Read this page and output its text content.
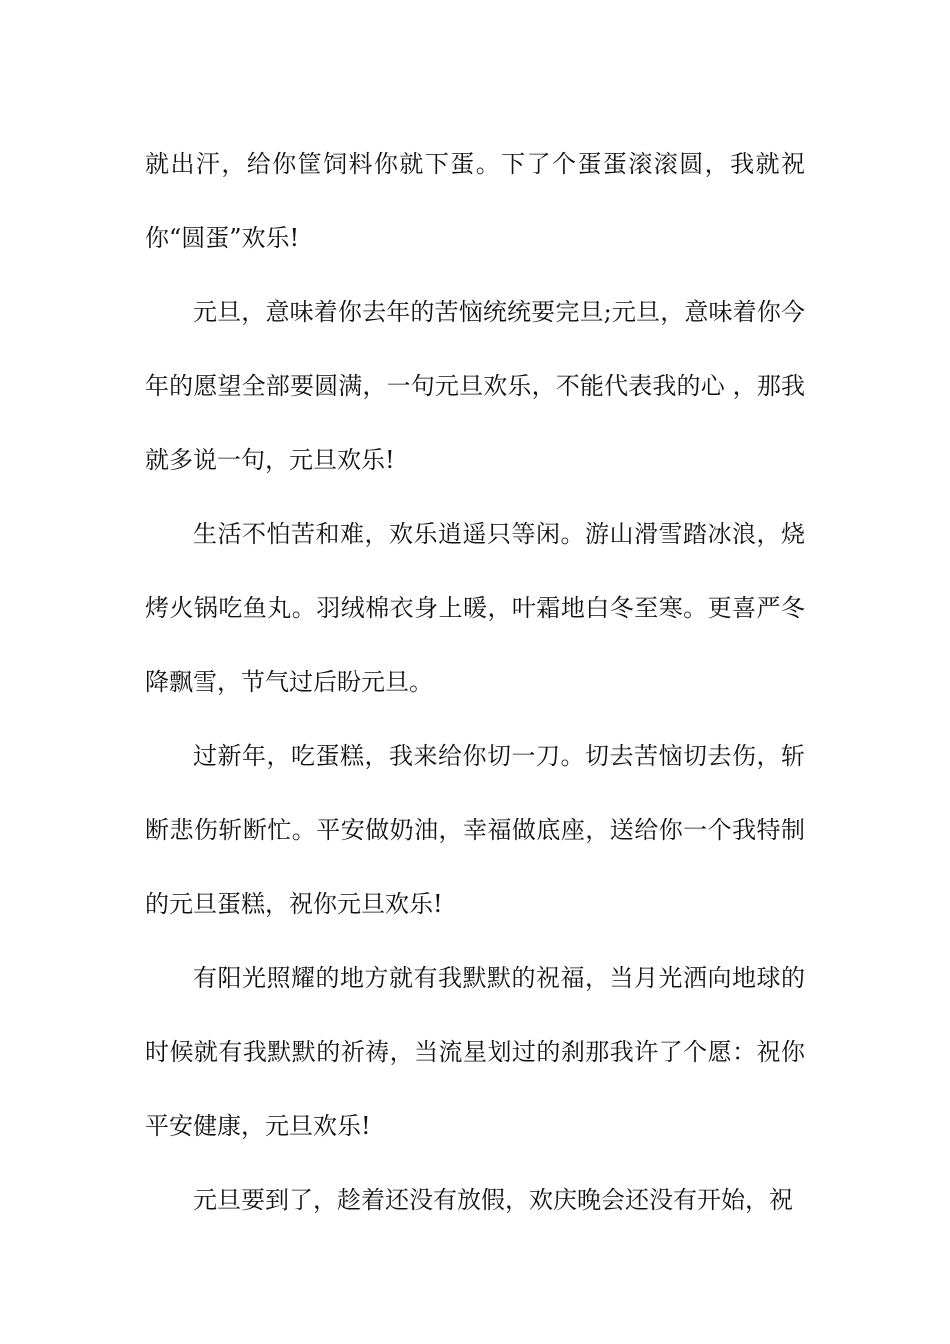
就出汗，给你筐饲料你就下蛋。下了个蛋蛋滚滚圆，我就祝你“圆蛋”欢乐!

元旦，意味着你去年的苦恼统统要完旦;元旦，意味着你今年的愿望全部要圆满，一句元旦欢乐，不能代表我的心 ，那我就多说一句，元旦欢乐!

生活不怕苦和难，欢乐逍遥只等闲。游山滑雪踏冰浪，烧烤火锅吃鱼丸。羽绒棉衣身上暖，叶霜地白冬至寒。更喜严冬降飘雪，节气过后盼元旦。

过新年，吃蛋糕，我来给你切一刀。切去苦恼切去伤，斩断悲伤斩断忙。平安做奶油，幸福做底座，送给你一个我特制的元旦蛋糕，祝你元旦欢乐!

有阳光照耀的地方就有我默默的祝福，当月光洒向地球的时候就有我默默的祈祷，当流星划过的刹那我许了个愿：祝你平安健康，元旦欢乐!

元旦要到了，趁着还没有放假，欢庆晚会还没有开始，祝
